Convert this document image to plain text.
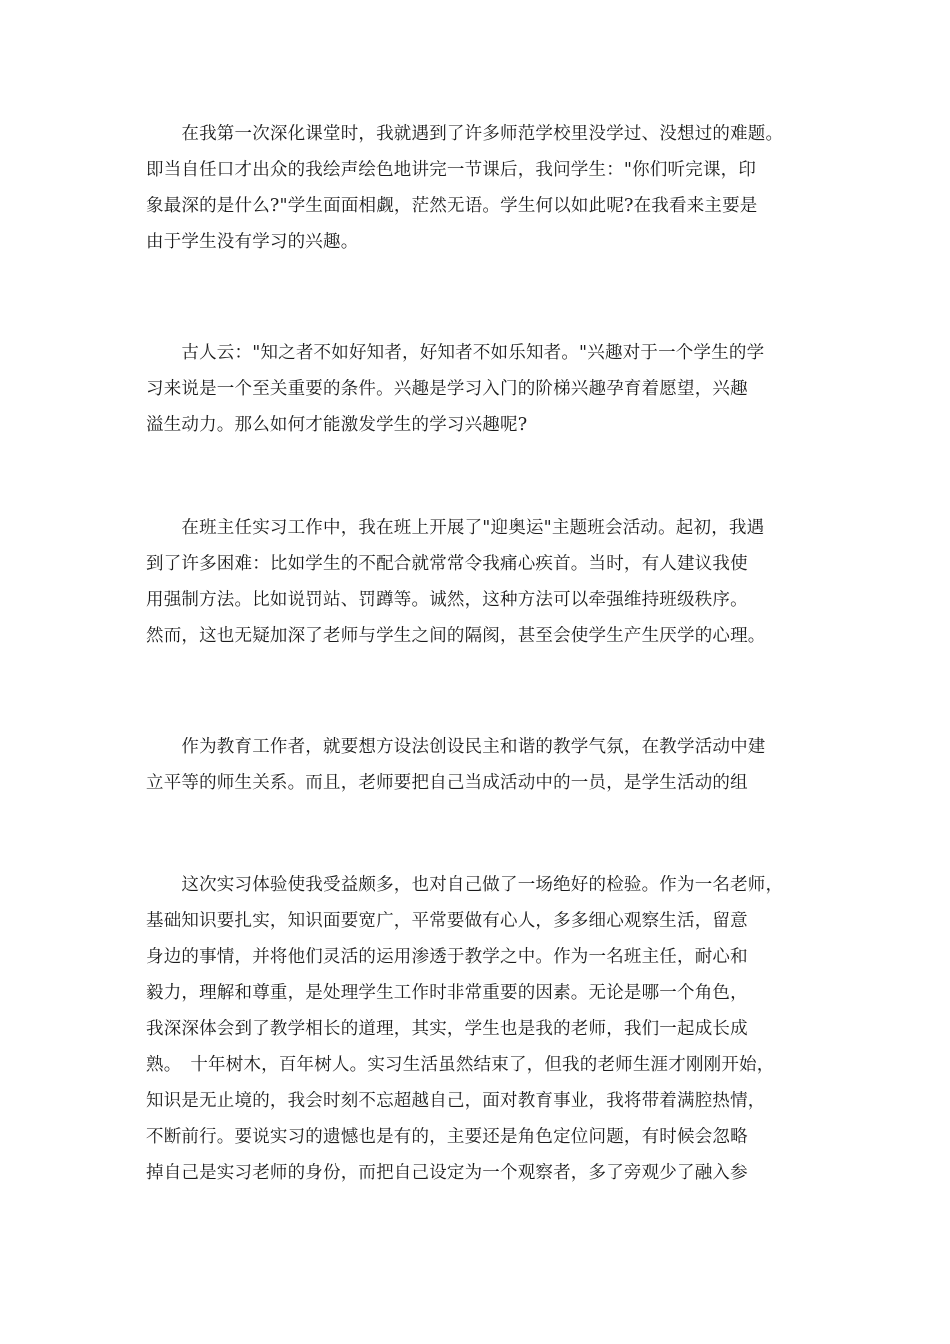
　　在我第一次深化课堂时，我就遇到了许多师范学校里没学过、没想过的难题。
即当自任口才出众的我绘声绘色地讲完一节课后，我问学生："你们听完课，印
象最深的是什么?"学生面面相觑，茫然无语。学生何以如此呢?在我看来主要是
由于学生没有学习的兴趣。
　　古人云："知之者不如好知者，好知者不如乐知者。"兴趣对于一个学生的学
习来说是一个至关重要的条件。兴趣是学习入门的阶梯兴趣孕育着愿望，兴趣
溢生动力。那么如何才能激发学生的学习兴趣呢?
　　在班主任实习工作中，我在班上开展了"迎奥运"主题班会活动。起初，我遇
到了许多困难：比如学生的不配合就常常令我痛心疾首。当时，有人建议我使
用强制方法。比如说罚站、罚蹲等。诚然，这种方法可以牵强维持班级秩序。
然而，这也无疑加深了老师与学生之间的隔阂，甚至会使学生产生厌学的心理。
　　作为教育工作者，就要想方设法创设民主和谐的教学气氛，在教学活动中建
立平等的师生关系。而且，老师要把自己当成活动中的一员，是学生活动的组
　　这次实习体验使我受益颇多，也对自己做了一场绝好的检验。作为一名老师，
基础知识要扎实，知识面要宽广，平常要做有心人，多多细心观察生活，留意
身边的事情，并将他们灵活的运用渗透于教学之中。作为一名班主任，耐心和
毅力，理解和尊重，是处理学生工作时非常重要的因素。无论是哪一个角色，
我深深体会到了教学相长的道理，其实，学生也是我的老师，我们一起成长成
熟。　十年树木，百年树人。实习生活虽然结束了，但我的老师生涯才刚刚开始，
知识是无止境的，我会时刻不忘超越自己，面对教育事业，我将带着满腔热情，
不断前行。要说实习的遗憾也是有的，主要还是角色定位问题，有时候会忽略
掉自己是实习老师的身份，而把自己设定为一个观察者，多了旁观少了融入参
